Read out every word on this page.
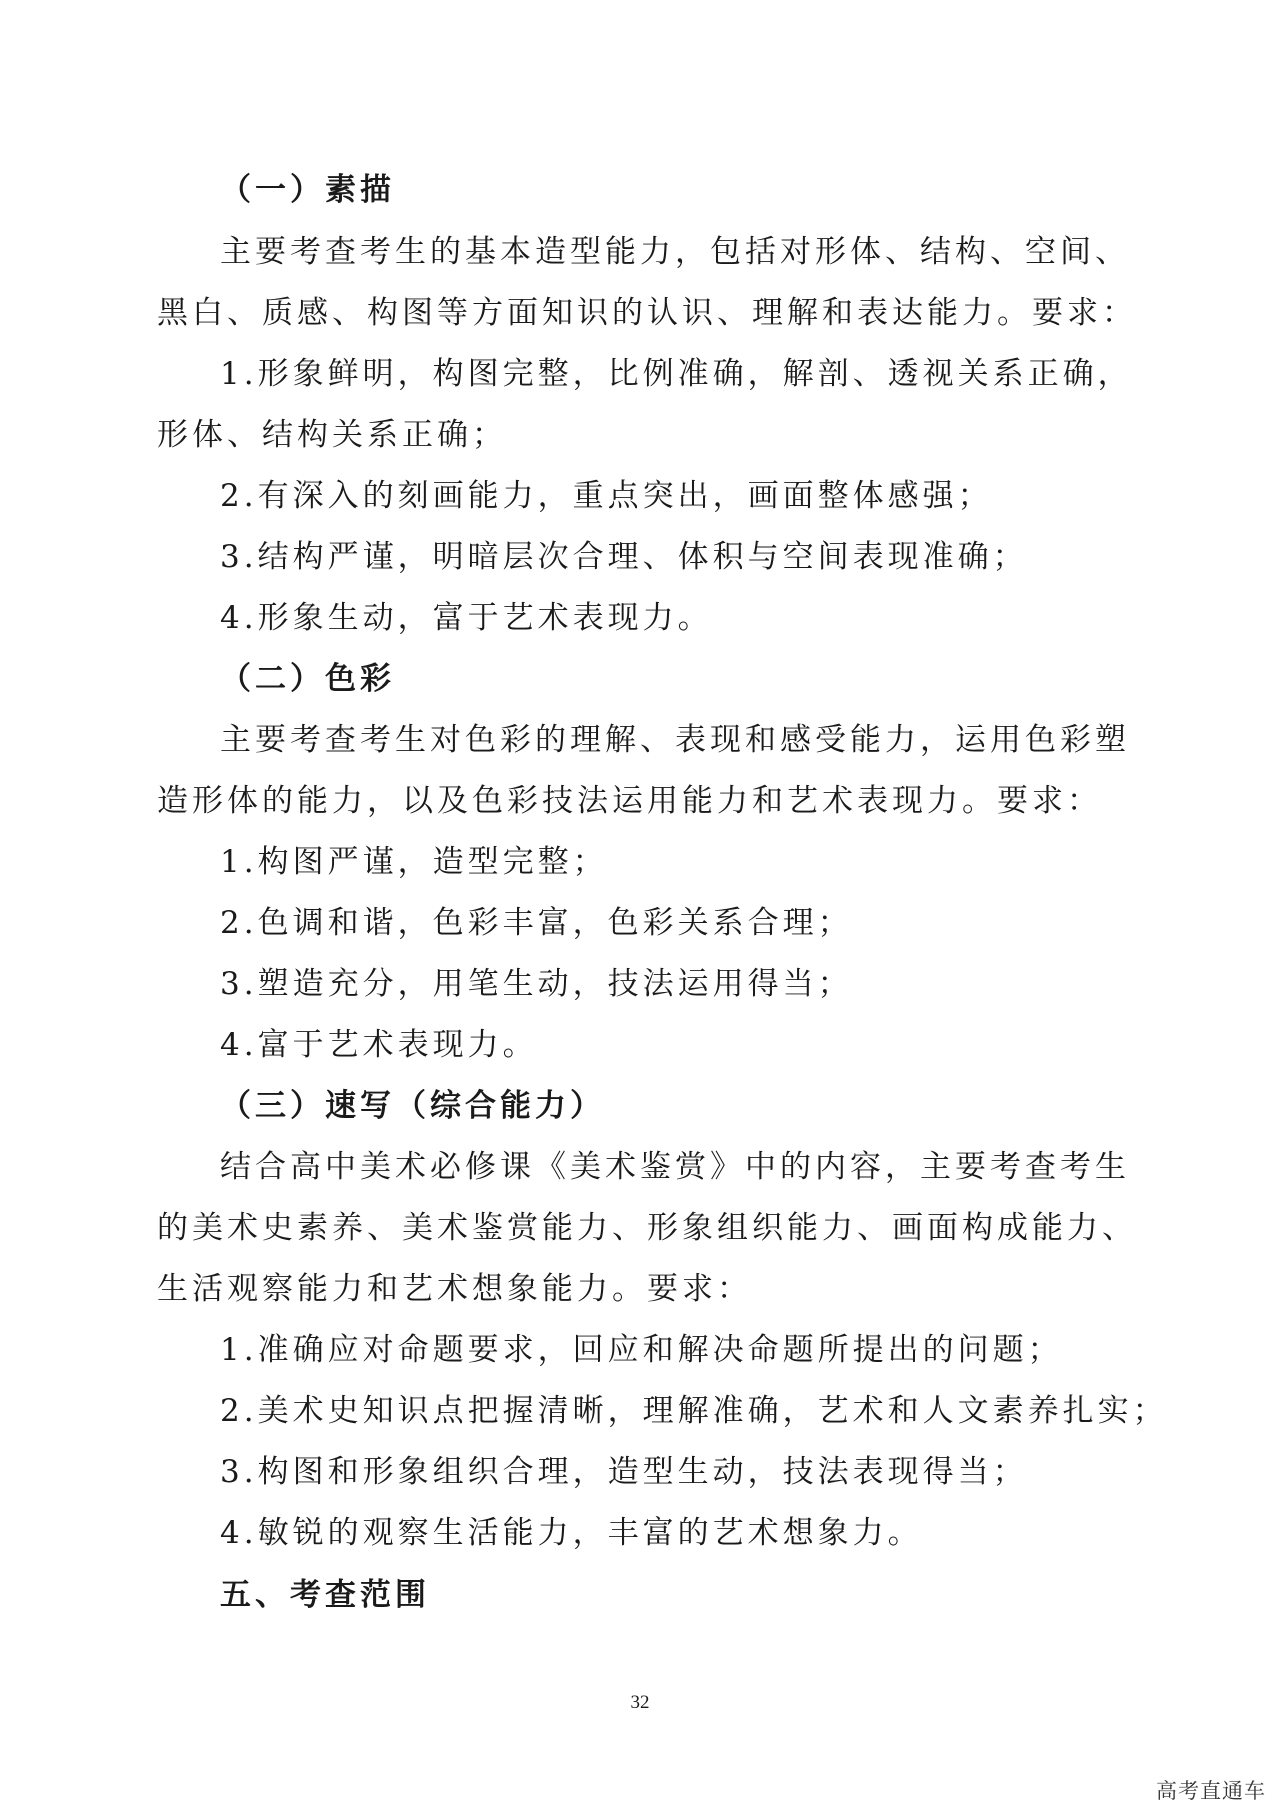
（一）素描
主要考查考生的基本造型能力，包括对形体、结构、空间、
黑白、质感、构图等方面知识的认识、理解和表达能力。要求：
1.形象鲜明，构图完整，比例准确，解剖、透视关系正确，
形体、结构关系正确；
2.有深入的刻画能力，重点突出，画面整体感强；
3.结构严谨，明暗层次合理、体积与空间表现准确；
4.形象生动，富于艺术表现力。
（二）色彩
主要考查考生对色彩的理解、表现和感受能力，运用色彩塑
造形体的能力，以及色彩技法运用能力和艺术表现力。要求：
1.构图严谨，造型完整；
2.色调和谐，色彩丰富，色彩关系合理；
3.塑造充分，用笔生动，技法运用得当；
4.富于艺术表现力。
（三）速写（综合能力）
结合高中美术必修课《美术鉴赏》中的内容，主要考查考生
的美术史素养、美术鉴赏能力、形象组织能力、画面构成能力、
生活观察能力和艺术想象能力。要求：
1.准确应对命题要求，回应和解决命题所提出的问题；
2.美术史知识点把握清晰，理解准确，艺术和人文素养扎实；
3.构图和形象组织合理，造型生动，技法表现得当；
4.敏锐的观察生活能力，丰富的艺术想象力。
五、考查范围
32
高考直通车
